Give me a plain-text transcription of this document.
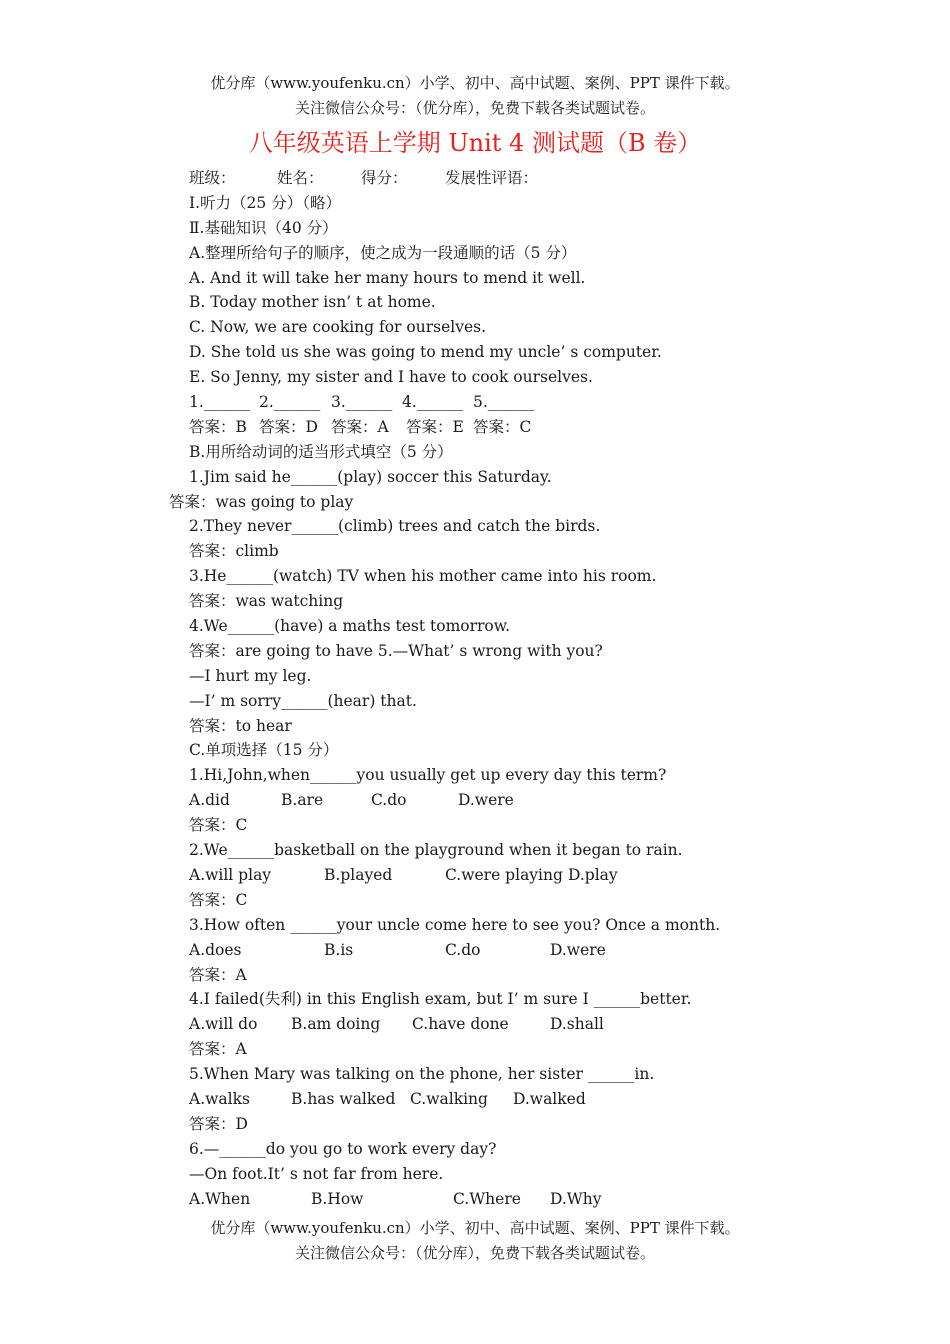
优分库（www.youfenku.cn）小学、初中、高中试题、案例、PPT 课件下载。
关注微信公众号：（优分库），免费下载各类试题试卷。
八年级英语上学期 Unit 4 测试题（B 卷）
班级：	姓名： 得分： 发展性评语：
Ⅰ.听力（25 分）（略）
Ⅱ.基础知识（40 分）
A.整理所给句子的顺序，使之成为一段通顺的话（5 分）
A. And it will take her many hours to mend it well.
B. Today mother isn’ t at home.
C. Now, we are cooking for ourselves.
D. She told us she was going to mend my uncle’ s computer.
E. So Jenny, my sister and I have to cook ourselves.
1.______ 2.______ 3.______ 4.______ 5.______
答案：B 答案：D 答案：A 答案：E 答案：C
B.用所给动词的适当形式填空（5 分）
1.Jim said he______(play) soccer this Saturday.
答案：was going to play
2.They never______(climb) trees and catch the birds.
答案：climb
3.He______(watch) TV when his mother came into his room.
答案：was watching
4.We______(have) a maths test tomorrow.
答案：are going to have 5.—What’ s wrong with you?
—I hurt my leg.
—I’ m sorry______(hear) that.
答案：to hear
C.单项选择（15 分）
1.Hi,John,when______you usually get up every day this term?
A.did	B.are	C.do	D.were
答案：C
2.We______basketball on the playground when it began to rain.
A.will play	B.played	C.were playing D.play
答案：C
3.How often ______your uncle come here to see you? Once a month.
A.does	B.is	C.do	D.were
答案：A
4.I failed(失利) in this English exam, but I’ m sure I ______better.
A.will do B.am doing C.have done	D.shall
答案：A
5.When Mary was talking on the phone, her sister ______in.
A.walks	B.has walked C.walking D.walked
答案：D
6.—______do you go to work every day?
—On foot.It’ s not far from here.
A.When	B.How	C.Where D.Why
优分库（www.youfenku.cn）小学、初中、高中试题、案例、PPT 课件下载。
关注微信公众号：（优分库），免费下载各类试题试卷。
